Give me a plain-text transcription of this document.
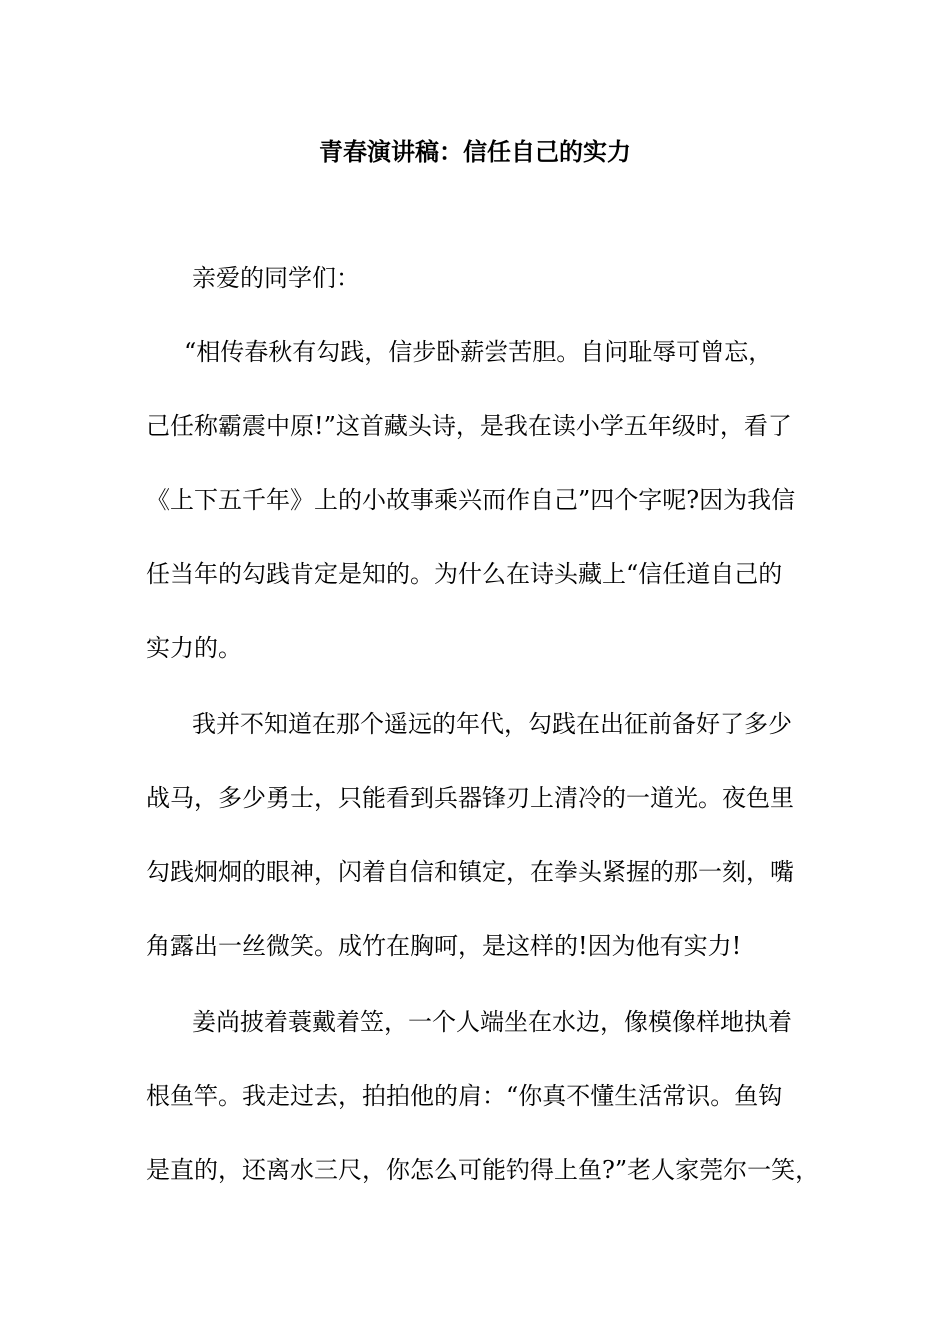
青春演讲稿：信任自己的实力
亲爱的同学们：
“相传春秋有勾践，信步卧薪尝苦胆。自问耻辱可曾忘，
己任称霸震中原!”这首藏头诗，是我在读小学五年级时，看了
《上下五千年》上的小故事乘兴而作自己”四个字呢?因为我信
任当年的勾践肯定是知的。为什么在诗头藏上“信任道自己的
实力的。
我并不知道在那个遥远的年代，勾践在出征前备好了多少
战马，多少勇士，只能看到兵器锋刃上清冷的一道光。夜色里
勾践炯炯的眼神，闪着自信和镇定，在拳头紧握的那一刻，嘴
角露出一丝微笑。成竹在胸呵，是这样的!因为他有实力!
姜尚披着蓑戴着笠，一个人端坐在水边，像模像样地执着
根鱼竿。我走过去，拍拍他的肩：“你真不懂生活常识。鱼钩
是直的，还离水三尺，你怎么可能钓得上鱼?”老人家莞尔一笑，
